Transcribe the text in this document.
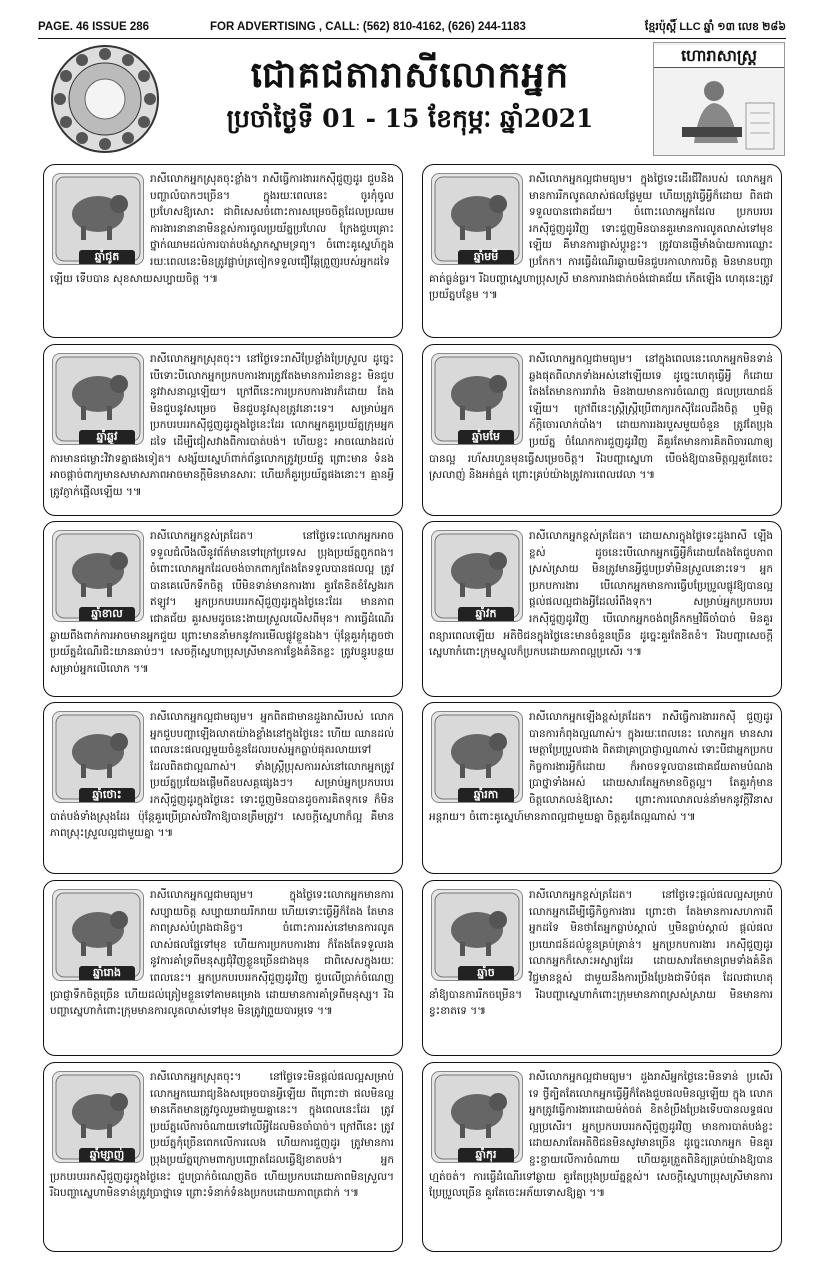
PAGE. 46 ISSUE 286	FOR ADVERTISING , CALL: (562) 810-4162, (626) 244-1183	ខ្មែរប៉ុស្តិ៍ LLC ឆ្នាំ ១៣ លេខ ២៨៦
ជោគជតារាសីលោកអ្នក
ប្រចាំថ្ងៃទី 01 - 15 ខែកុម្ភៈ ឆ្នាំ2021
ហោរាសាស្ត្រ
រាសីលោកអ្នកស្រុតចុះខ្លាំង។ រាសីធ្វើការងាររកស៊ីជួញដូរ ជួបនិងបញ្ហាលំបាកៗច្រើន។ ក្នុងរយៈពេលនេះ ចូរកុំចូល ប្រហែសឱ្យសោះ ជាពិសេសចំពោះការសម្រេចចិត្តដែលប្រឈម ការងារនានានាមិនខ្ពស់ការចូលប្រយ័ត្នប្រហែល ក្រែងជួបគ្រោះ ថ្នាក់ឈាមដល់ការបាត់បង់ស្លាកស្នាមទ្រព្យ។ ចំពោះគូស្នេហ៍ក្នុង រយៈពេលនេះមិនត្រូវផ្លាប់ត្រចៀកទទួលជឿឆ្កែព្រួញរបស់អ្នកដទៃឡើយ ទើបបាន សុខសាយសប្បាយចិត្ត ។៕
ឆ្នាំជូត
រាសីលោកអ្នកល្អជាមធ្យម។ ក្នុងថ្ងៃទេះដើរជីវិតរបស់ លោកអ្នកមានការរីកលូតលាស់ផលផ្លែមួយ ហើយត្រូវធ្វើអ្វីក៏ដោយ ពិតជាទទួលបានជោគជ័យ។ ចំពោះលោកអ្នកដែល ប្រកបរបររកស៊ីជួញដូរវិញ ទោះជួញមិនបានគួរមានការលូតលាស់ទៅមុខឡើយ គឺមានការផ្លាស់ប្តូរខ្លះ។ ត្រូវបានផ្ញើមាំងប៉ាយការឈ្លោះប្រកែក។ ការធ្វើដំណើរឆ្ងាយមិនជួបរកាលាការចិត្ត មិនមានបញ្ហាគាត់ធ្ងន់ធ្ងរ។ រីឯបញ្ហាស្នេហាប្រុសស្រី មានការរាងជាក់ចង់ជោគជ័យ កើតឡើង ហេតុនេះត្រូវប្រយ័ត្នបន្ថែម ។៕
ឆ្នាំមមី
រាសីលោកអ្នកស្រុតចុះ។ នៅថ្ងៃទេះរាសីប្រែខ្លាំងប្រែស្រួល ដូច្នេះ បើទោះបីលោកអ្នកប្រកបការងារត្រូវតែងមានការរំខានខ្លះ មិនជួបនូវវាសនាល្អឡើយ។ ក្រៅពីនេះការប្រកបការងារក៏ដោយ តែងមិនជួបនូវសម្រេច មិនជួបនូវសុខត្រូវនោះទេ។ សម្រាប់អ្នក ប្រកបរបររកស៊ីជួញដូរក្នុងថ្ងៃនេះដែរ លោកអ្នកគួរប្រយ័ត្នក្រុមអ្នកដទៃ ដើម្បីជៀសវាងពីការបាត់បង់។ ហើយខ្លះ អាចឈោងដល់ការមានជម្លោះវិវាទគ្នាផងទៀត។ សង្ស័យស្នេហ៍ពាក់ព័ន្ធលោកត្រូវប្រយ័ត្ន ព្រោះមាន ទំនងអាចផ្ដាច់ពាក្យមានសមាសភាពអាចមានក្ដីមិនមានសារៈ ហើយក៏គួរប្រយ័ត្នផងនោះ។ គ្មានអ្វីត្រូវភ្ញាក់ផ្អើលឡើយ ។៕
ឆ្នាំឆ្លូវ
រាសីលោកអ្នកល្អជាមធ្យម។ នៅក្នុងពេលនេះលោកអ្នកមិនទាន់ឆ្លងផុតពីលាភទាំងអស់នៅឡើយទេ ដូច្នេះហេតុធ្វើអ្វី ក៏ដោយ តែងតែមានការរារាំង មិនងាយមានការចំណេញ ផលប្រយោជន៍ឡើយ។ ក្រៅពីនេះស្ត្រីស្ត្រីប្រើពាក្យរកស៊ីដែលដឹងចិត្ត ឬមិត្តភ័ក្តិចោរលាក់បាំង។ ដោយការរងរបួសមួយចំនួន ត្រូវតែប្រុងប្រយ័ត្ន ចំណែកការជួញដូរវិញ គឺគួរតែមានការគិតពិចារណាឲ្យបានល្អ រហ័សរហួនមុនធ្វើសម្រេចចិត្ត។ រីឯបញ្ហាស្នេហា បើចង់ឱ្យបានមិត្តល្អគួរតែចេះស្រលាញ់ និងអត់ធ្មត់ ព្រោះគ្រប់យ៉ាងត្រូវការពេលវេលា ។៕
ឆ្នាំមមែ
រាសីលោកអ្នកខ្ពស់ត្រដែត។ នៅថ្ងៃទេះលោកអ្នកអាចទទួលជំលឺងលឺនូវព័ត៌មានទៅក្រៅប្រទេស ប្រុងប្រយ័ត្នពួកពង។ ចំពោះលោកអ្នកដែលចង់ចាកពាក្យតែងតែទទួលបានផលល្អ ត្រូវបានគេលើកទឹកចិត្ត បើមិនទាន់មានការងារ គួរតែខិតខំស្វែងរកឥឡូវ។ អ្នកប្រកបរបររកស៊ីជួញដូរក្នុងថ្ងៃនេះដែរ មានភាពជោគជ័យ គួរសមដូចនេះងាយស្រួលលើសពីមុន។ ការធ្វើដំណើរឆ្ងាយពឹងពាក់ការអាចមានអ្នកជួយ ព្រោះមាននាំមកនូវការមើលផ្លូវខ្លួនឯង។ ប៉ុន្តែគួរកុំភ្លេចថា ប្រយ័ត្នដំណើរជិះយានឆាប់ៗ។ សេចក្តីស្នេហាប្រុសស្រីមានការខ្វែងគំនិតខ្លះ ត្រូវបន្ធូរបន្ថយ សម្រាប់អ្នកលើលោក ។៕
ឆ្នាំខាល
រាសីលោកអ្នកខ្ពស់ត្រដែត។ ដោយសារក្នុងថ្ងៃទេះដួងរាសី ឡើងខ្ពស់ ដូចនេះបើលោកអ្នកធ្វើអ្វីក៏ដោយតែងតែជួបភាព ស្រស់ស្រាយ មិនត្រូវមានអ្វីជួបប្រទាំមិនស្រួលនោះទេ។ អ្នកប្រកបការងារ បើលោកអ្នកមានការធ្វើបប្រែប្រួលផ្លូវឱ្យបានល្អ ផ្តល់ផលល្អជាងអ្វីដែលរំពឹងទុក។ សម្រាប់អ្នកប្រកបរបររកស៊ីជួញដូរវិញ បើលោកអ្នកចង់ពង្រីកកម្មវិធីចាំបាច់ មិនគួរពន្យារពេលឡើយ អតិថិជនក្នុងថ្ងៃនេះមានចំនួនច្រើន ដូច្នេះគួរតែខិតខំ។ រីឯបញ្ហាសេចក្ដីស្នេហាកំពោះក្រុមស្នូលក៏ប្រកបដោយភាពល្អប្រសើរ ។៕
ឆ្នាំវក
រាសីលោកអ្នកល្អជាមធ្យម។ អ្នកពិតជាមានដួងរាសីរបស់ លោកអ្នកជួបបញ្ហាឡើងលាតយ៉ាងខ្លាំងនៅក្នុងថ្ងៃនេះ ហើយ ឈានដល់ពេលនេះផលល្អមួយចំនួនដែលរបស់អ្នកធ្លាប់ផុតរលាយទៅ ដែលពិតជាល្អណាស់។ ទាំងស្ត្រីប្រុសការរស់នៅលោកអ្នកត្រូវប្រយ័ត្នប្រយែងផ្ដើមពីឧបសគ្គផ្សេងៗ។ សម្រាប់អ្នកប្រកបរបររកស៊ីជួញដូរក្នុងថ្ងៃនេះ ទោះជួញមិនបានដូចការគិតទុកទេ ក៏មិនបាត់បង់ទាំងស្រុងដែរ ប៉ុន្តែគួរប្រើប្រាស់ថវិកាឱ្យបានត្រឹមត្រូវ។ សេចក្ដីស្នេហាក៏ល្អ គឺមានភាពស្រុះស្រួលល្អជាមួយគ្នា ។៕
ឆ្នាំថោះ
រាសីលោកអ្នកឡើងខ្ពស់ត្រដែត។ រាសីធ្វើការងាររកស៊ី ជួញដូរបានការកំពុងល្អណាស់។ ក្នុងរយៈពេលនេះ លោកអ្នក មានសារមេត្តាប្រែប្រួលជាង ពិតជាគ្រាប្រាជ្ញាល្អណាស់ ទោះបីជាអ្នកប្រកបកិច្ចការងារអ្វីក៏ដោយ ក៏អាចទទួលបានជោគជ័យតាមបំណងប្រាថ្នាទាំងអស់ ដោយសារតែអ្នកមានចិត្តល្អ។ តែគួរកុំមានចិត្តលោភលន់ឱ្យសោះ ព្រោះការលោភលន់នាំមកនូវក្តីវិនាសអន្តរាយ។ ចំពោះគូស្នេហ៍មានភាពល្អជាមួយគ្នា ចិត្តគួរតែល្អណាស់ ។៕
ឆ្នាំរកា
រាសីលោកអ្នកល្អជាមធ្យម។ ក្នុងថ្ងៃទេះលោកអ្នកមានការ សប្បាយចិត្ត សប្បាយរាយរីករាយ ហើយទោះធ្វើអ្វីក៏តែង តែមានភាពស្រស់បំព្រងជានិច្ច។ ចំពោះការរស់នៅមានការលូតលាស់ផលផ្លែទៅមុខ ហើយការប្រកបការងារ ក៏តែងតែទទួលរងនូវការគាំទ្រពីមនុស្សជុំវិញខ្លួនច្រើនជាងមុន ជាពិសេសក្នុងរយៈពេលនេះ។ អ្នកប្រកបរបររកស៊ីជួញដូរវិញ ជួបលើប្រាក់ចំណេញ ប្រាជ្ញាទឹកចិត្តច្រើន ហើយដល់ត្រៀមខ្លួនទៅតាមគម្រោង ដោយមានការគាំទ្រពីមនុស្ស។ រីឯបញ្ហាស្នេហាកំពោះក្រុមមានការលូតលាស់ទៅមុខ មិនត្រូវព្រួយបារម្ភទេ ។៕
ឆ្នាំរោង
រាសីលោកអ្នកខ្ពស់ត្រដែត។ នៅថ្ងៃទេះផ្តល់ផលល្អសម្រាប់ លោកអ្នកដើម្បីធ្វើកិច្ចការងារ ព្រោះថា តែងមានការសហការពីអ្នកដទៃ មិនថាតែអ្នកធ្លាប់ស្គាល់ ឬមិនធ្លាប់ស្គាល់ ផ្តល់ផលប្រយោជន៍ដល់ខ្លួនគ្រប់គ្រាន់។ អ្នកប្រកបការងារ រកស៊ីជួញដូរ លោកអ្នកក៏សោះអស្ចារ្យដែរ ដោយសារតែមានព្រមទាំងគំនិតវិជ្ជមានខ្ពស់ ជាមួយនឹងការប្រឹងប្រែងជាទីបំផុត ដែលជាហេតុនាំឱ្យបានការរីកចម្រើន។ រីឯបញ្ហាស្នេហាកំពោះក្រុមមានភាពស្រស់ស្រាយ មិនមានការខ្វះខាតទេ ។៕
ឆ្នាំច
រាសីលោកអ្នកស្រុតចុះ។ នៅថ្ងៃទេះមិនផ្តល់ផលល្អសម្រាប់ លោកអ្នកឃេរាជ្យនិងសម្រេចបានអ្វីឡើយ ពីព្រោះថា ផលមិនល្អមានកើតមានត្រូវចូលរួមជាមួយគ្នានេះ។ ក្នុងពេលនេះដែរ ត្រូវប្រយ័ត្នលើការចំណាយទៅលើអ្វីដែលមិនចាំបាច់។ ក្រៅពីនេះ ត្រូវប្រយ័ត្នកុំច្រើនពេកលើការលេង ហើយការជួញដូរ ត្រូវមានការប្រុងប្រយ័ត្នក្រោមពាក្យបញ្ឆោតដែលធ្វើឱ្យខាតបង់។ អ្នកប្រកបរបររកស៊ីជួញដូរក្នុងថ្ងៃនេះ ជួបប្រាក់ចំណេញតិច ហើយប្រកបដោយភាពមិនស្រួល។ រីឯបញ្ហាស្នេហាមិនទាន់ត្រូវប្រាថ្នាទេ ព្រោះទំនាក់ទំនងប្រកបដោយភាពត្រជាក់ ។៕
ឆ្នាំម្សាញ់
រាសីលោកអ្នកល្អជាមធ្យម។ ដួងរាសីអ្នកថ្ងៃនេះមិនទាន់ ប្រសើរទេ ថ្វីត្បិតតែលោកអ្នកធ្វើអ្វីក៏តែងជួបផលមិនល្អឡើយ ក្នុង លោកអ្នកត្រូវធ្វើការងារដោយម៉ត់ចត់ ខិតខំប្រឹងប្រែងទើបបានលទ្ធផលល្អប្រសើរ។ អ្នកប្រកបរបររកស៊ីជួញដូរវិញ មានការបាត់បង់ខ្លះ ដោយសារតែអតិថិជនមិនសូវមានច្រើន ដូច្នេះលោកអ្នក មិនគួរខ្ជះខ្ជាយលើការចំណាយ ហើយគួរត្រួតពិនិត្យគ្រប់យ៉ាងឱ្យបានហ្មត់ចត់។ ការធ្វើដំណើរទៅឆ្ងាយ គួរតែប្រុងប្រយ័ត្នខ្ពស់។ សេចក្ដីស្នេហាប្រុសស្រីមានការប្រែប្រួលច្រើន គួរតែចេះអភ័យទោសឱ្យគ្នា ។៕
ឆ្នាំកុរ
